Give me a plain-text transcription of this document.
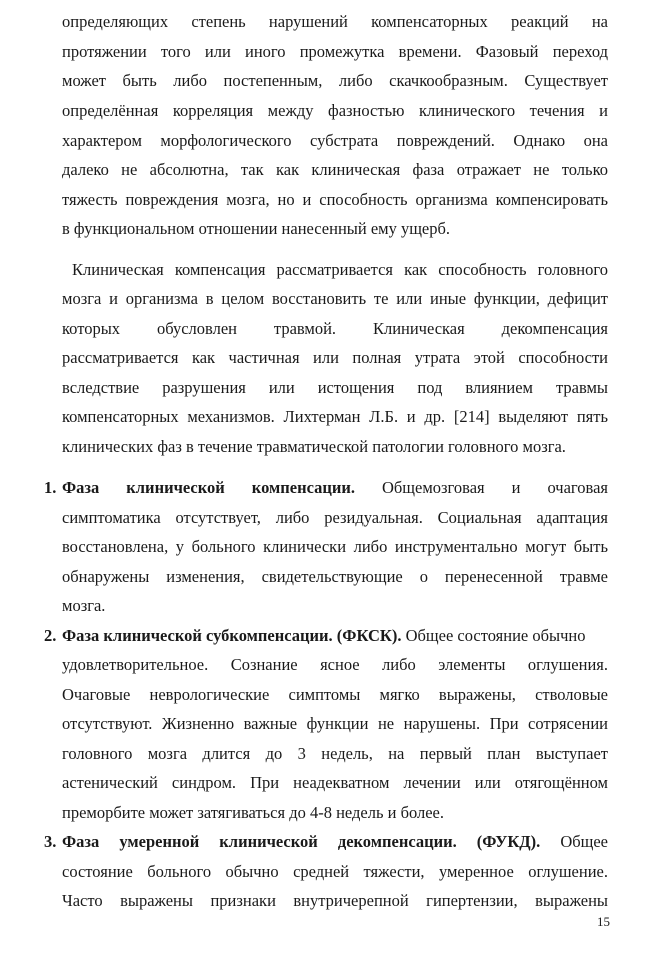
определяющих степень нарушений компенсаторных реакций на
протяжении того или иного промежутка времени. Фазовый переход
может быть либо постепенным, либо скачкообразным. Существует
определённая корреляция между фазностью клинического течения и
характером морфологического субстрата повреждений. Однако она
далеко не абсолютна, так как клиническая фаза отражает не только
тяжесть повреждения мозга, но и способность организма компенсировать
в функциональном отношении нанесенный ему ущерб.
Клиническая компенсация рассматривается как способность головного
мозга и организма в целом восстановить те или иные функции, дефицит
которых обусловлен травмой. Клиническая декомпенсация
рассматривается как частичная или полная утрата этой способности
вследствие разрушения или истощения под влиянием травмы
компенсаторных механизмов. Лихтерман Л.Б. и др. [214] выделяют пять
клинических фаз в течение травматической патологии головного мозга.
1. Фаза клинической компенсации. Общемозговая и очаговая
симптоматика отсутствует, либо резидуальная. Социальная адаптация
восстановлена, у больного клинически либо инструментально могут быть
обнаружены изменения, свидетельствующие о перенесенной травме
мозга.
2. Фаза клинической субкомпенсации. (ФКСК). Общее состояние обычно
удовлетворительное. Сознание ясное либо элементы оглушения.
Очаговые неврологические симптомы мягко выражены, стволовые
отсутствуют. Жизненно важные функции не нарушены. При сотрясении
головного мозга длится до 3 недель, на первый план выступает
астенический синдром. При неадекватном лечении или отягощённом
преморбите может затягиваться до 4-8 недель и более.
3. Фаза умеренной клинической декомпенсации. (ФУКД). Общее
состояние больного обычно средней тяжести, умеренное оглушение.
Часто выражены признаки внутричерепной гипертензии, выражены
15
